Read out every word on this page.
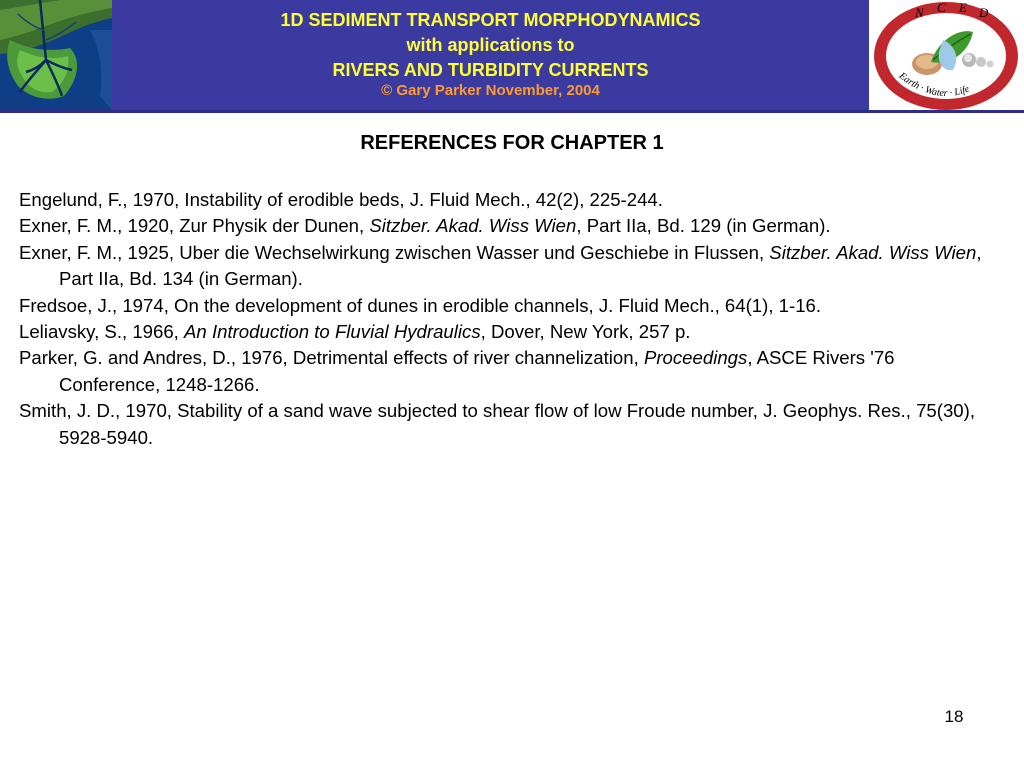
1D SEDIMENT TRANSPORT MORPHODYNAMICS
with applications to
RIVERS AND TURBIDITY CURRENTS
© Gary Parker November, 2004
N C E D
Earth · Water · Life
REFERENCES FOR CHAPTER 1
Engelund, F., 1970, Instability of erodible beds, J. Fluid Mech., 42(2), 225-244.
Exner, F. M., 1920, Zur Physik der Dunen, Sitzber. Akad. Wiss Wien, Part IIa, Bd. 129 (in German).
Exner, F. M., 1925, Uber die Wechselwirkung zwischen Wasser und Geschiebe in Flussen, Sitzber. Akad. Wiss Wien, Part IIa, Bd. 134 (in German).
Fredsoe, J., 1974, On the development of dunes in erodible channels, J. Fluid Mech., 64(1), 1-16.
Leliavsky, S., 1966, An Introduction to Fluvial Hydraulics, Dover, New York, 257 p.
Parker, G. and Andres, D., 1976, Detrimental effects of river channelization, Proceedings, ASCE Rivers '76 Conference, 1248-1266.
Smith, J. D., 1970, Stability of a sand wave subjected to shear flow of low Froude number, J. Geophys. Res., 75(30), 5928-5940.
18
